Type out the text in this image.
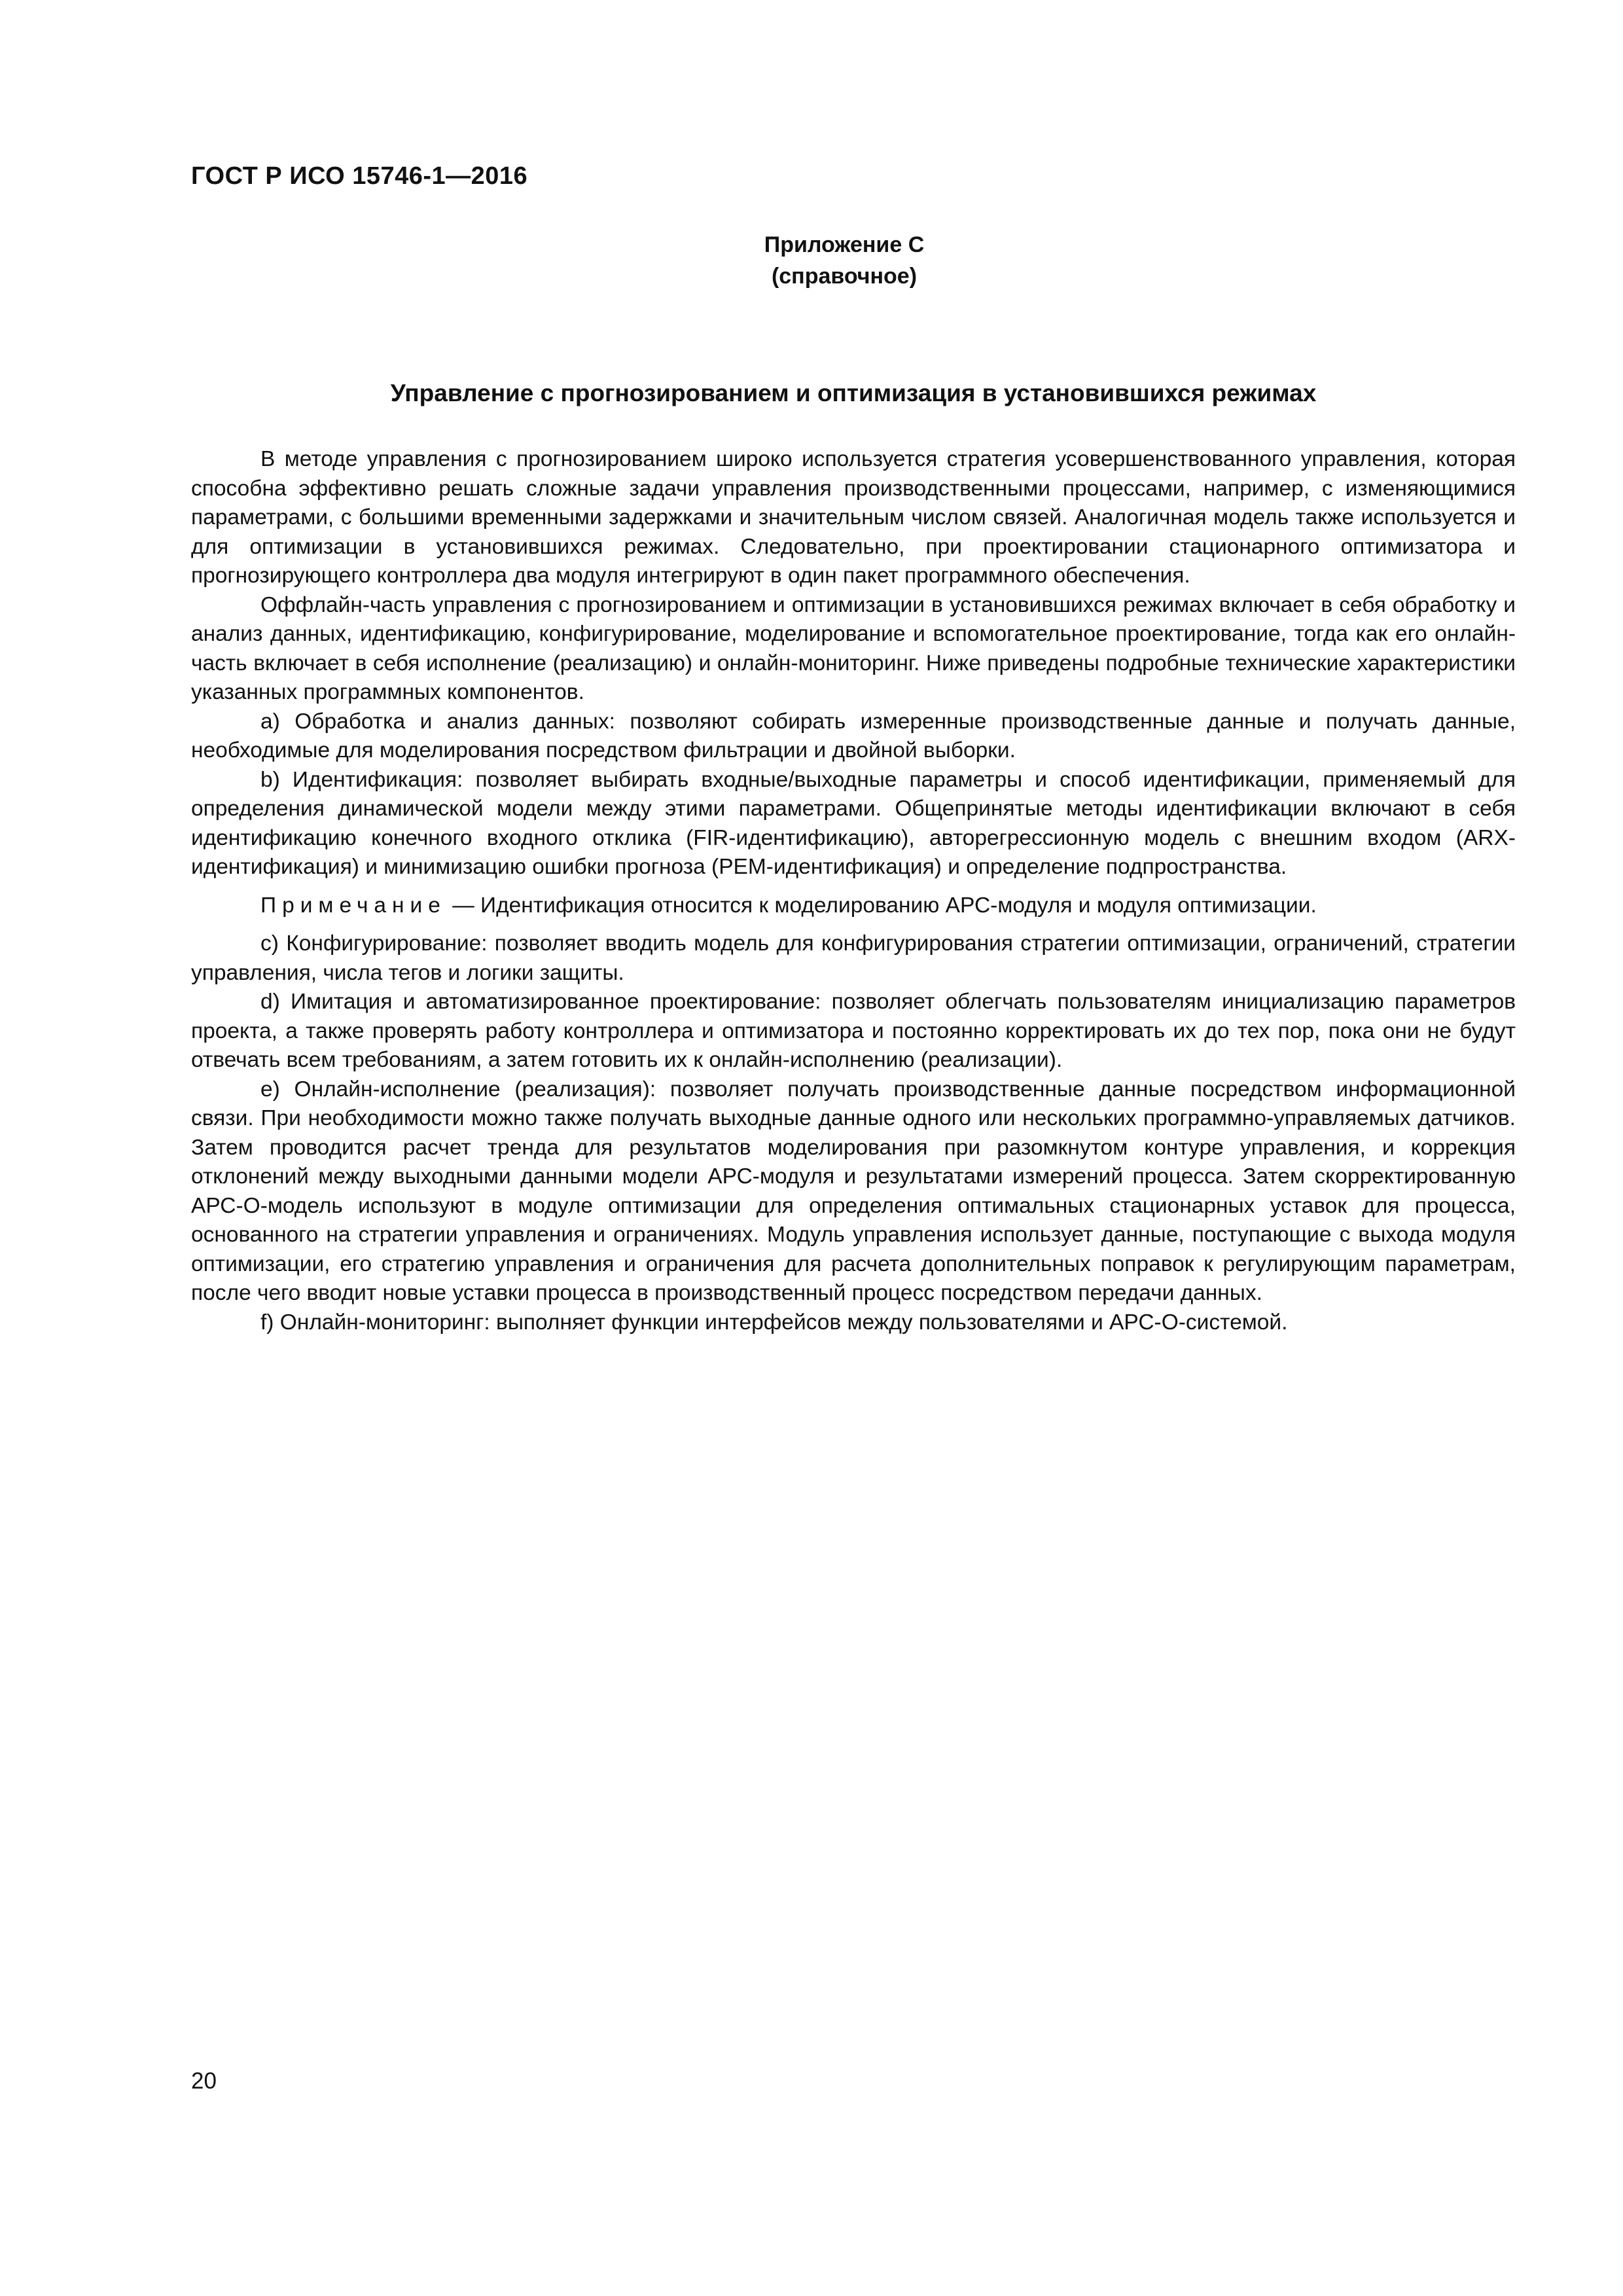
ГОСТ Р ИСО 15746-1—2016
Приложение С
(справочное)
Управление с прогнозированием и оптимизация в установившихся режимах

В методе управления с прогнозированием широко используется стратегия усовершенствованного управления, которая способна эффективно решать сложные задачи управления производственными процессами, например, с изменяющимися параметрами, с большими временными задержками и значительным числом связей. Аналогичная модель также используется и для оптимизации в установившихся режимах. Следовательно, при проектировании стационарного оптимизатора и прогнозирующего контроллера два модуля интегрируют в один пакет программного обеспечения.

Оффлайн-часть управления с прогнозированием и оптимизации в установившихся режимах включает в себя обработку и анализ данных, идентификацию, конфигурирование, моделирование и вспомогательное проектирование, тогда как его онлайн-часть включает в себя исполнение (реализацию) и онлайн-мониторинг. Ниже приведены подробные технические характеристики указанных программных компонентов.

a) Обработка и анализ данных: позволяют собирать измеренные производственные данные и получать данные, необходимые для моделирования посредством фильтрации и двойной выборки.

b) Идентификация: позволяет выбирать входные/выходные параметры и способ идентификации, применяемый для определения динамической модели между этими параметрами. Общепринятые методы идентификации включают в себя идентификацию конечного входного отклика (FIR-идентификацию), авторегрессионную модель с внешним входом (ARX-идентификация) и минимизацию ошибки прогноза (PEM-идентификация) и определение подпространства.

Примечание — Идентификация относится к моделированию АРС-модуля и модуля оптимизации.

c) Конфигурирование: позволяет вводить модель для конфигурирования стратегии оптимизации, ограничений, стратегии управления, числа тегов и логики защиты.

d) Имитация и автоматизированное проектирование: позволяет облегчать пользователям инициализацию параметров проекта, а также проверять работу контроллера и оптимизатора и постоянно корректировать их до тех пор, пока они не будут отвечать всем требованиям, а затем готовить их к онлайн-исполнению (реализации).

e) Онлайн-исполнение (реализация): позволяет получать производственные данные посредством информационной связи. При необходимости можно также получать выходные данные одного или нескольких программно-управляемых датчиков. Затем проводится расчет тренда для результатов моделирования при разомкнутом контуре управления, и коррекция отклонений между выходными данными модели АРС-модуля и результатами измерений процесса. Затем скорректированную АРС-О-модель используют в модуле оптимизации для определения оптимальных стационарных уставок для процесса, основанного на стратегии управления и ограничениях. Модуль управления использует данные, поступающие с выхода модуля оптимизации, его стратегию управления и ограничения для расчета дополнительных поправок к регулирующим параметрам, после чего вводит новые уставки процесса в производственный процесс посредством передачи данных.

f) Онлайн-мониторинг: выполняет функции интерфейсов между пользователями и АРС-О-системой.

20
